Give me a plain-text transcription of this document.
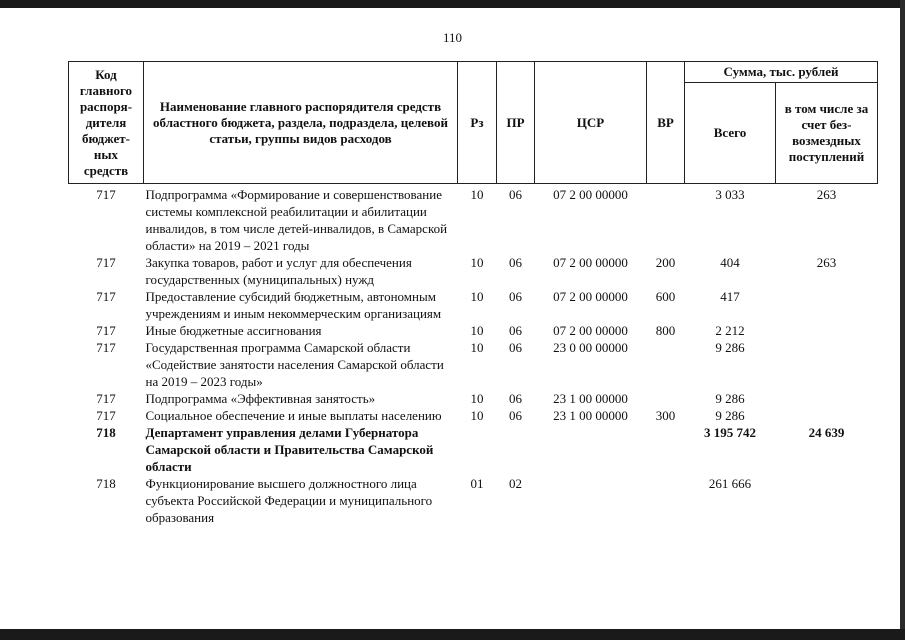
110
Код главного распоря-дителя бюджет-ных средств	Наименование главного распорядителя средств областного бюджета, раздела, подраздела, целевой статьи, группы видов расходов	Рз	ПР	ЦСР	ВР	Сумма, тыс. рублей	
						Всего	в том числе за счет без-возмездных поступлений
717	Подпрограмма «Формирование и совершенствование системы комплексной реабилитации и абилитации инвалидов, в том числе детей-инвалидов, в Самарской области» на 2019 – 2021 годы	10	06	07 2 00 00000		3 033	263
717	Закупка товаров, работ и услуг для обеспечения государственных (муниципальных) нужд	10	06	07 2 00 00000	200	404	263
717	Предоставление субсидий бюджетным, автономным учреждениям и иным некоммерческим организациям	10	06	07 2 00 00000	600	417	
717	Иные бюджетные ассигнования	10	06	07 2 00 00000	800	2 212	
717	Государственная программа Самарской области «Содействие занятости населения Самарской области на 2019 – 2023 годы»	10	06	23 0 00 00000		9 286	
717	Подпрограмма «Эффективная занятость»	10	06	23 1 00 00000		9 286	
717	Социальное обеспечение и иные выплаты населению	10	06	23 1 00 00000	300	9 286	
718	Департамент управления делами Губернатора Самарской области и Правительства Самарской области					3 195 742	24 639
718	Функционирование высшего должностного лица субъекта Российской Федерации и муниципального образования	01	02			261 666	
